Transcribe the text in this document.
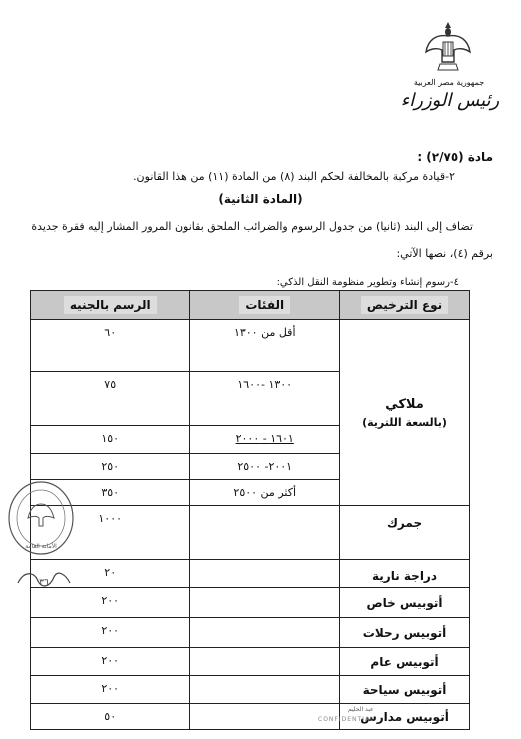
جمهورية مصر العربية
رئيس الوزراء
مادة (٢/٧٥) :
٢-قيادة مركبة بالمخالفة لحكم البند (٨) من المادة (١١) من هذا القانون.
(المادة الثانية)
تضاف إلى البند (ثانيا) من جدول الرسوم والضرائب الملحق بقانون المرور المشار إليه فقرة جديدة
برقم (٤)، نصها الآتي:
٤-رسوم إنشاء وتطوير منظومة النقل الذكي:
نوع الترخيص	الفئات	الرسم بالجنيه

ملاكي
(بالسعة اللترية)	أقل من ١٣٠٠	٦٠
	١٣٠٠ -١٦٠٠	٧٥
	١٦٠١ - ٢٠٠٠	١٥٠
	٢٠٠١- ٢٥٠٠	٢٥٠
	أكثر من ٢٥٠٠	٣٥٠
جمرك		١٠٠٠
دراجة نارية		٢٠
أتوبيس خاص		٢٠٠
أتوبيس رحلات		٢٠٠
أتوبيس عام		٢٠٠
أتوبيس سياحة		٢٠٠
أتوبيس مدارس		٥٠
الأمانة العامة
٣٦
عبد الحليم
CONFIDENTIAL
